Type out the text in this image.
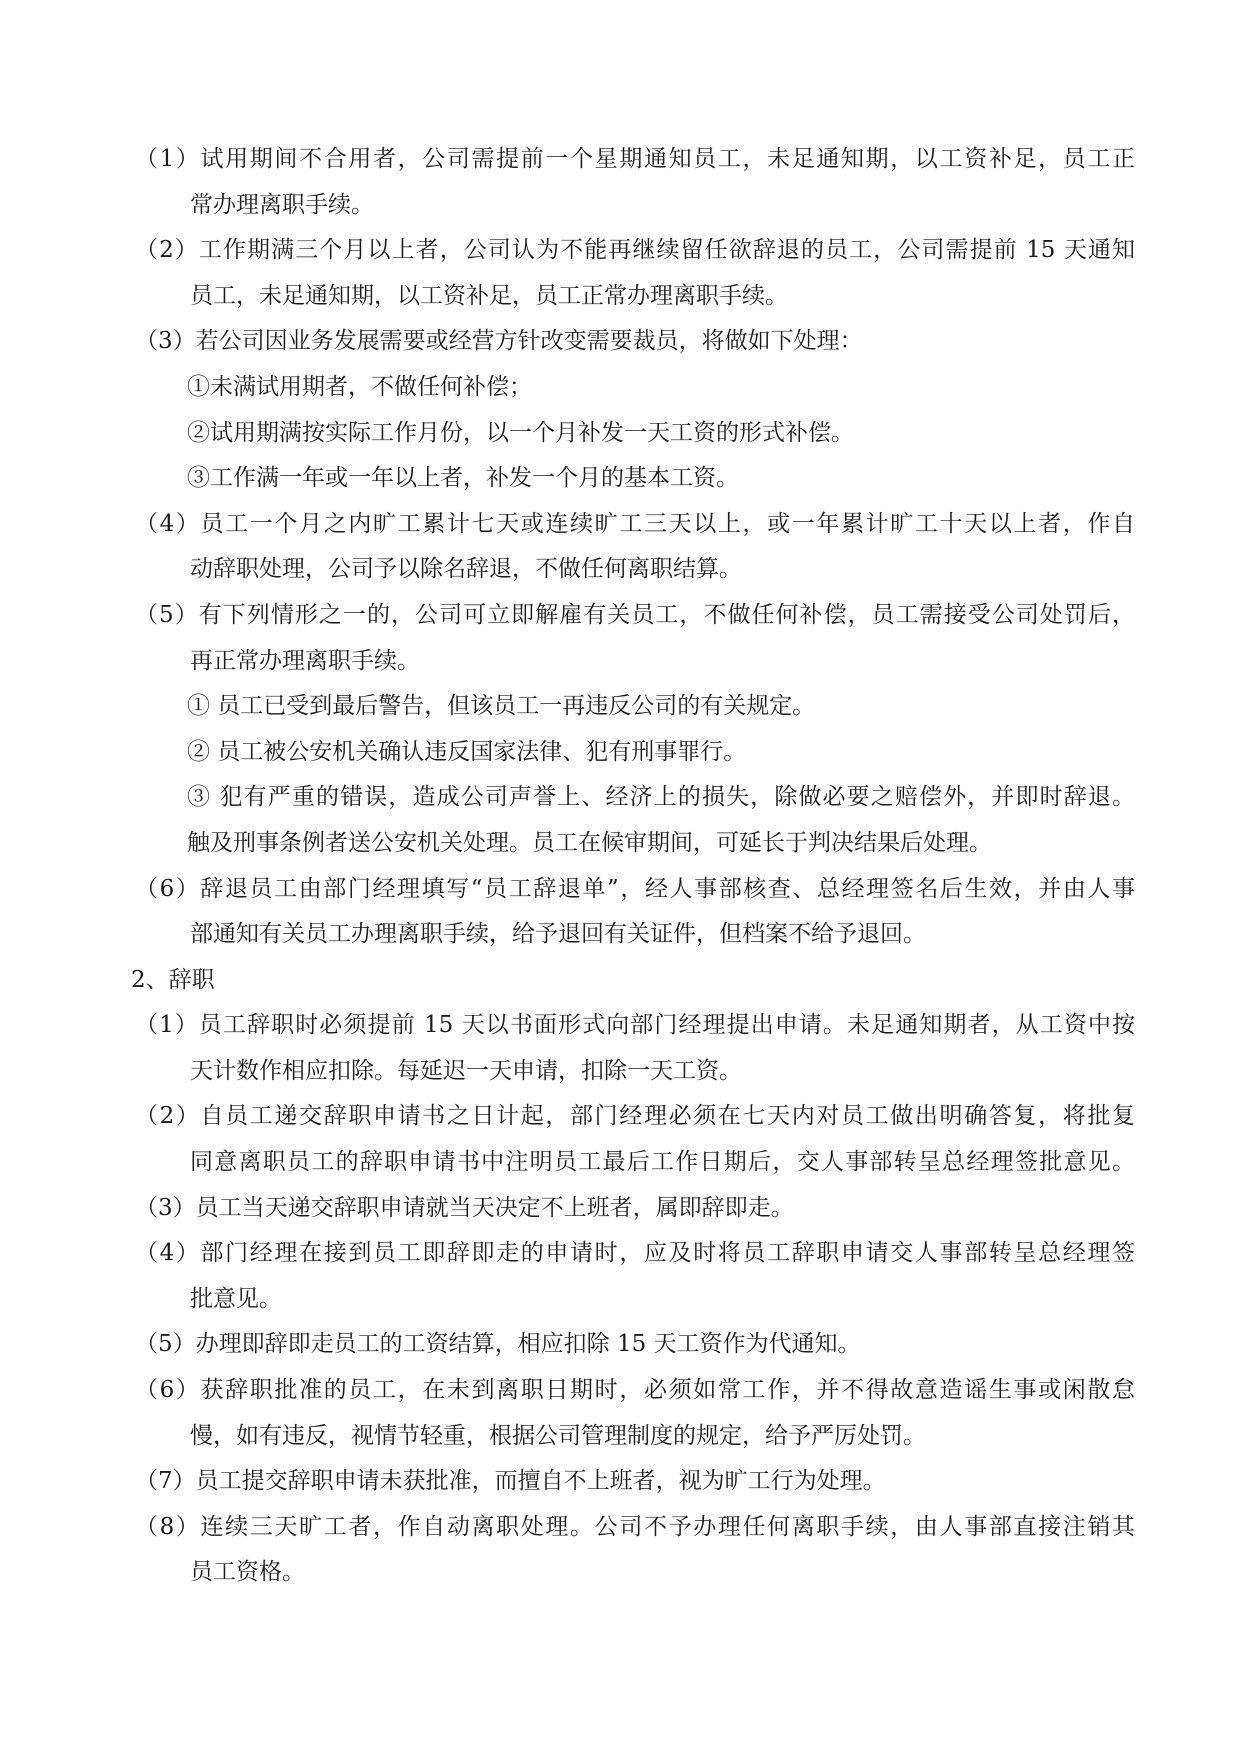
（1）试用期间不合用者，公司需提前一个星期通知员工，未足通知期，以工资补足，员工正
常办理离职手续。
（2）工作期满三个月以上者，公司认为不能再继续留任欲辞退的员工，公司需提前 15 天通知
员工，未足通知期，以工资补足，员工正常办理离职手续。
（3）若公司因业务发展需要或经营方针改变需要裁员，将做如下处理：
①未满试用期者，不做任何补偿；
②试用期满按实际工作月份，以一个月补发一天工资的形式补偿。
③工作满一年或一年以上者，补发一个月的基本工资。
（4）员工一个月之内旷工累计七天或连续旷工三天以上，或一年累计旷工十天以上者，作自
动辞职处理，公司予以除名辞退，不做任何离职结算。
（5）有下列情形之一的，公司可立即解雇有关员工，不做任何补偿，员工需接受公司处罚后，
再正常办理离职手续。
① 员工已受到最后警告，但该员工一再违反公司的有关规定。
② 员工被公安机关确认违反国家法律、犯有刑事罪行。
③ 犯有严重的错误，造成公司声誉上、经济上的损失，除做必要之赔偿外，并即时辞退。
触及刑事条例者送公安机关处理。员工在候审期间，可延长于判决结果后处理。
（6）辞退员工由部门经理填写“员工辞退单”，经人事部核查、总经理签名后生效，并由人事
部通知有关员工办理离职手续，给予退回有关证件，但档案不给予退回。
2、辞职
（1）员工辞职时必须提前 15 天以书面形式向部门经理提出申请。未足通知期者，从工资中按
天计数作相应扣除。每延迟一天申请，扣除一天工资。
（2）自员工递交辞职申请书之日计起，部门经理必须在七天内对员工做出明确答复，将批复
同意离职员工的辞职申请书中注明员工最后工作日期后，交人事部转呈总经理签批意见。
（3）员工当天递交辞职申请就当天决定不上班者，属即辞即走。
（4）部门经理在接到员工即辞即走的申请时，应及时将员工辞职申请交人事部转呈总经理签
批意见。
（5）办理即辞即走员工的工资结算，相应扣除 15 天工资作为代通知。
（6）获辞职批准的员工，在未到离职日期时，必须如常工作，并不得故意造谣生事或闲散怠
慢，如有违反，视情节轻重，根据公司管理制度的规定，给予严厉处罚。
（7）员工提交辞职申请未获批准，而擅自不上班者，视为旷工行为处理。
（8）连续三天旷工者，作自动离职处理。公司不予办理任何离职手续，由人事部直接注销其
员工资格。
